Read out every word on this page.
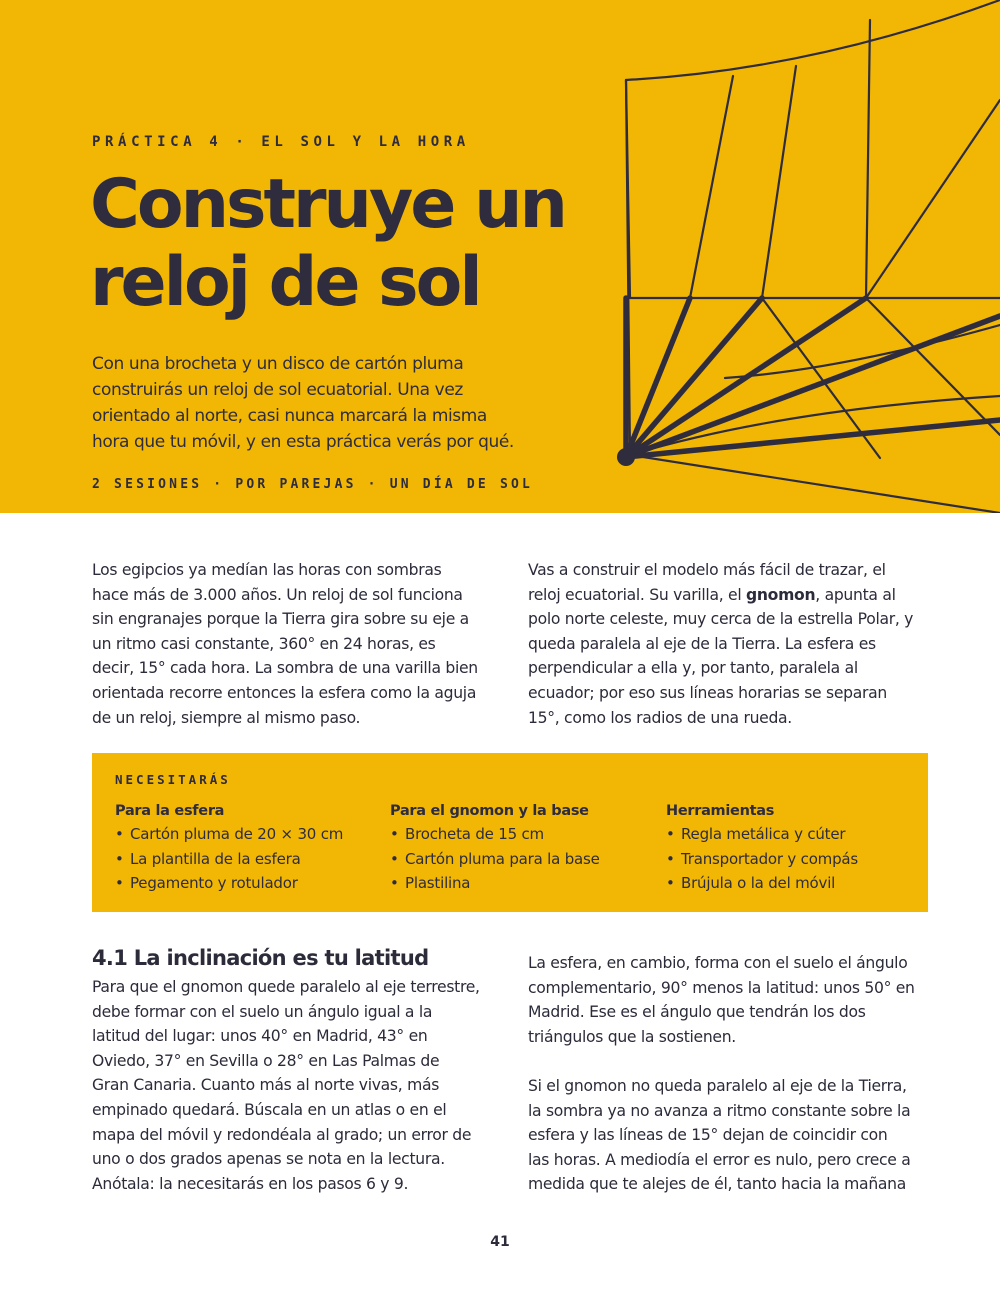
PRÁCTICA 4 · EL SOL Y LA HORA
Construye un
reloj de sol

Con una brocheta y un disco de cartón pluma
construirás un reloj de sol ecuatorial. Una vez
orientado al norte, casi nunca marcará la misma
hora que tu móvil, y en esta práctica verás por qué.

2 SESIONES · POR PAREJAS · UN DÍA DE SOL

Los egipcios ya medían las horas con sombras
hace más de 3.000 años. Un reloj de sol funciona
sin engranajes porque la Tierra gira sobre su eje a
un ritmo casi constante, 360° en 24 horas, es
decir, 15° cada hora. La sombra de una varilla bien
orientada recorre entonces la esfera como la aguja
de un reloj, siempre al mismo paso.

Vas a construir el modelo más fácil de trazar, el
reloj ecuatorial. Su varilla, el gnomon, apunta al
polo norte celeste, muy cerca de la estrella Polar, y
queda paralela al eje de la Tierra. La esfera es
perpendicular a ella y, por tanto, paralela al
ecuador; por eso sus líneas horarias se separan
15°, como los radios de una rueda.

NECESITARÁS
Para la esfera
• Cartón pluma de 20 × 30 cm
• La plantilla de la esfera
• Pegamento y rotulador
Para el gnomon y la base
• Brocheta de 15 cm
• Cartón pluma para la base
• Plastilina
Herramientas
• Regla metálica y cúter
• Transportador y compás
• Brújula o la del móvil
4.1 La inclinación es tu latitud

Para que el gnomon quede paralelo al eje terrestre,
debe formar con el suelo un ángulo igual a la
latitud del lugar: unos 40° en Madrid, 43° en
Oviedo, 37° en Sevilla o 28° en Las Palmas de
Gran Canaria. Cuanto más al norte vivas, más
empinado quedará. Búscala en un atlas o en el
mapa del móvil y redondéala al grado; un error de
uno o dos grados apenas se nota en la lectura.
Anótala: la necesitarás en los pasos 6 y 9.

La esfera, en cambio, forma con el suelo el ángulo
complementario, 90° menos la latitud: unos 50° en
Madrid. Ese es el ángulo que tendrán los dos
triángulos que la sostienen.
Si el gnomon no queda paralelo al eje de la Tierra,
la sombra ya no avanza a ritmo constante sobre la
esfera y las líneas de 15° dejan de coincidir con
las horas. A mediodía el error es nulo, pero crece a
medida que te alejes de él, tanto hacia la mañana

41
